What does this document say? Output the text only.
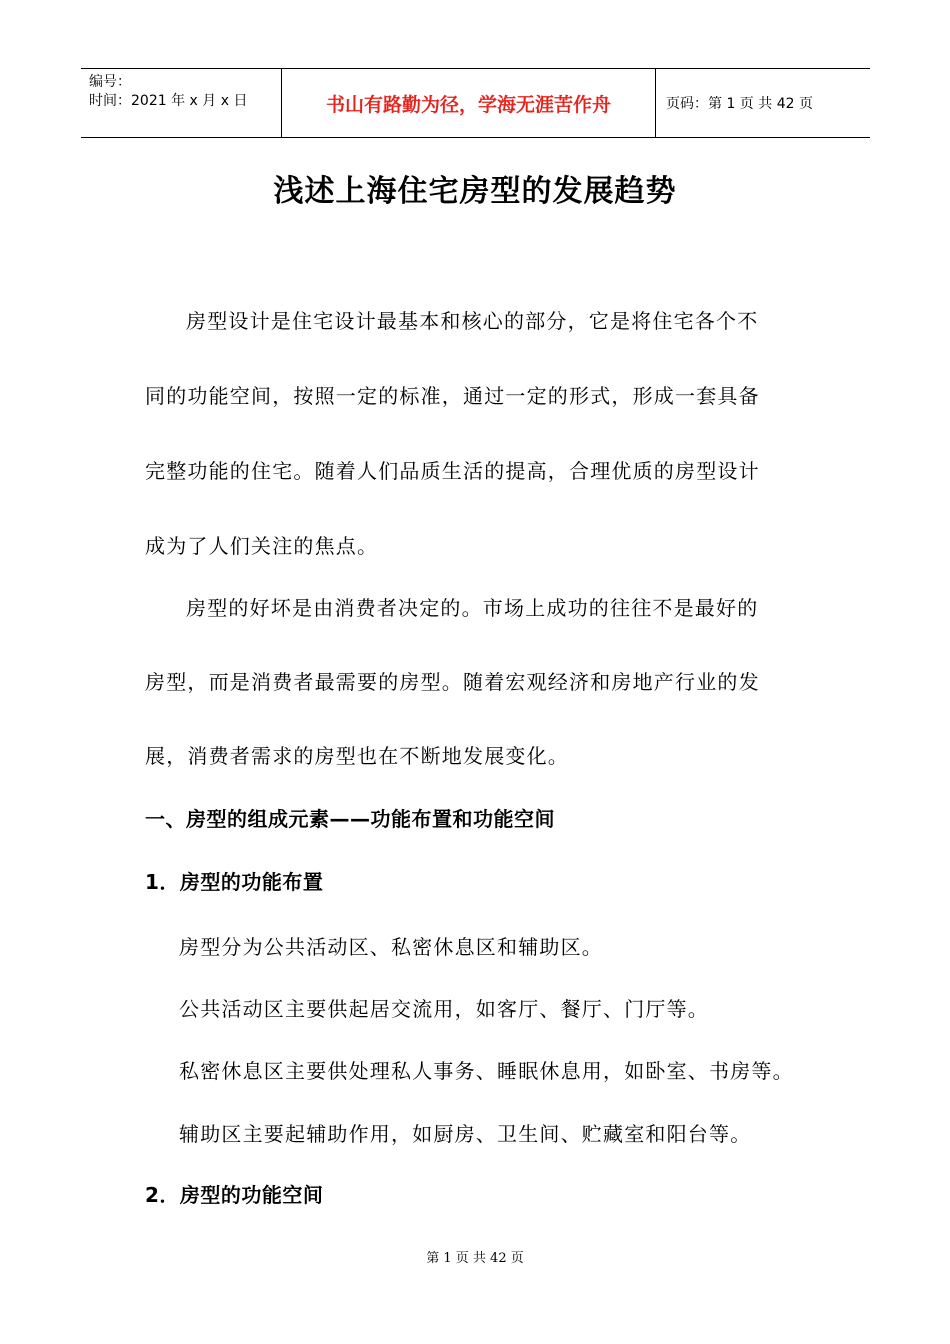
编号：
时间：2021 年 x 月 x 日	书山有路勤为径，学海无涯苦作舟	页码：第 1 页 共 42 页
浅述上海住宅房型的发展趋势
房型设计是住宅设计最基本和核心的部分，它是将住宅各个不
同的功能空间，按照一定的标准，通过一定的形式，形成一套具备
完整功能的住宅。随着人们品质生活的提高，合理优质的房型设计
成为了人们关注的焦点。
房型的好坏是由消费者决定的。市场上成功的往往不是最好的
房型，而是消费者最需要的房型。随着宏观经济和房地产行业的发
展，消费者需求的房型也在不断地发展变化。
一、房型的组成元素——功能布置和功能空间
1．房型的功能布置
房型分为公共活动区、私密休息区和辅助区。
公共活动区主要供起居交流用，如客厅、餐厅、门厅等。
私密休息区主要供处理私人事务、睡眠休息用，如卧室、书房等。
辅助区主要起辅助作用，如厨房、卫生间、贮藏室和阳台等。
2．房型的功能空间
第 1 页 共 42 页
